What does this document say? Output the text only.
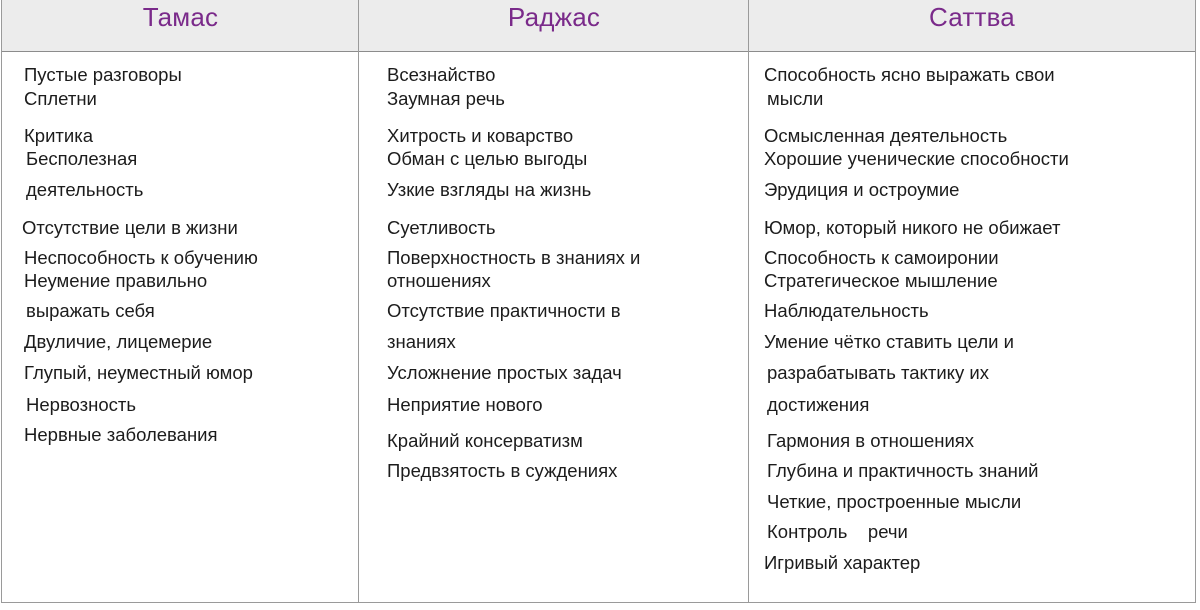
Тамас	Раджас	Саттва
Пустые разговоры
Сплетни
Критика
Бесполезная
деятельность
Отсутствие цели в жизни
Неспособность к обучению
Неумение правильно
выражать себя
Двуличие, лицемерие
Глупый, неуместный юмор
Нервозность
Нервные заболевания
Всезнайство
Заумная речь
Хитрость и коварство
Обман с целью выгоды
Узкие взгляды на жизнь
Суетливость
Поверхностность в знаниях и
отношениях
Отсутствие практичности в
знаниях
Усложнение простых задач
Неприятие нового
Крайний консерватизм
Предвзятость в суждениях
Способность ясно выражать свои
мысли
Осмысленная деятельность
Хорошие ученические способности
Эрудиция и остроумие
Юмор, который никого не обижает
Способность к самоиронии
Стратегическое мышление
Наблюдательность
Умение чётко ставить цели и
разрабатывать тактику их
достижения
Гармония в отношениях
Глубина и практичность знаний
Четкие, простроенные мысли
Контроль    речи
Игривый характер
